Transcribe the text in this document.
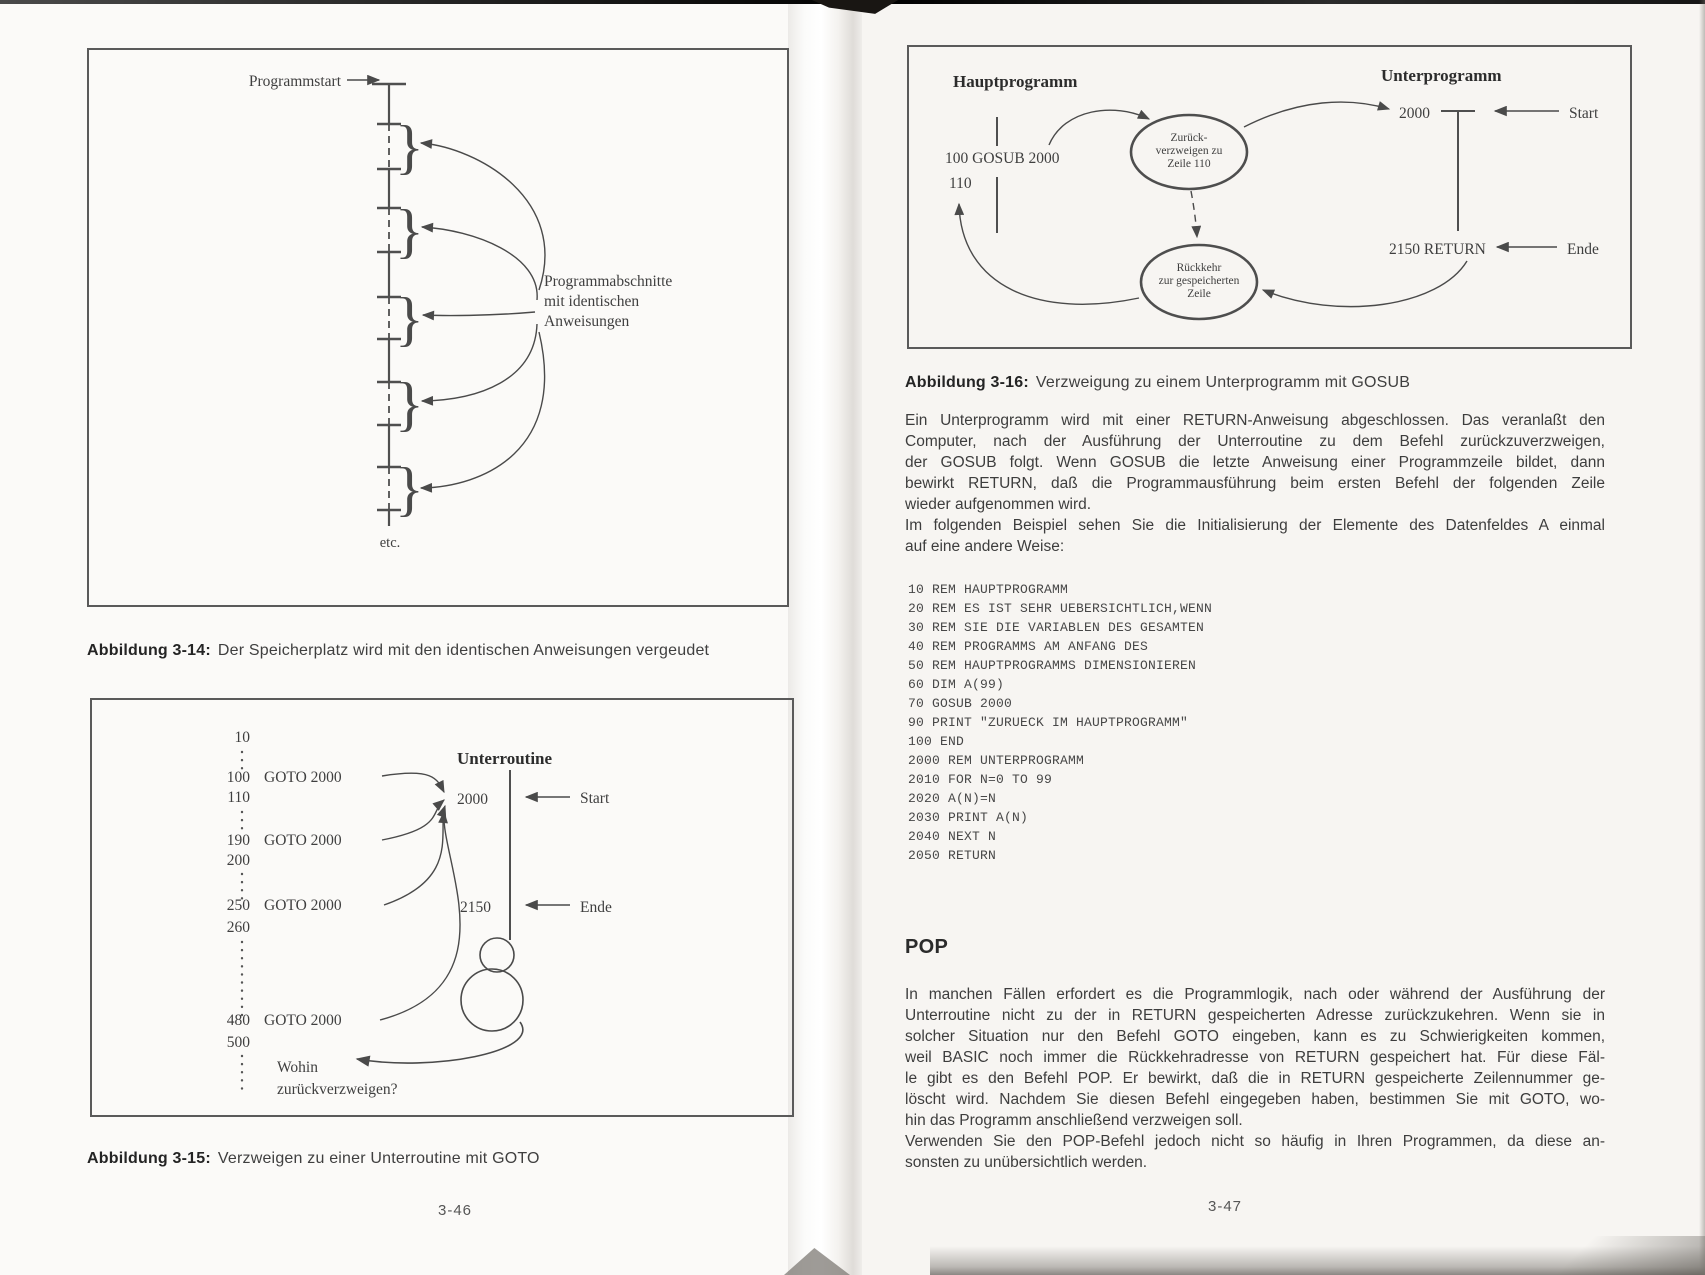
Programmstart
}
}
}
}
}
Programmabschnitte
mit identischen
Anweisungen
etc.
Abbildung 3-14: Der Speicherplatz wird mit den identischen Anweisungen vergeudet
10
100
110
190
200
250
260
480
500
GOTO 2000
GOTO 2000
GOTO 2000
GOTO 2000
Unterroutine
2000	Start
2150	Ende
Wohin
zurückverzweigen?
Abbildung 3-15: Verzweigen zu einer Unterroutine mit GOTO
3-46
Hauptprogramm	Unterprogramm
100 GOSUB 2000
110
Zurück-
verzweigen zu
Zeile 110
Rückkehr
zur gespeicherten
Zeile
2000	Start
2150 RETURN	Ende
Abbildung 3-16: Verzweigung zu einem Unterprogramm mit GOSUB
Ein Unterprogramm wird mit einer RETURN-Anweisung abgeschlossen. Das veranlaßt den
Computer, nach der Ausführung der Unterroutine zu dem Befehl zurückzuverzweigen,
der GOSUB folgt. Wenn GOSUB die letzte Anweisung einer Programmzeile bildet, dann
bewirkt RETURN, daß die Programmausführung beim ersten Befehl der folgenden Zeile
wieder aufgenommen wird.
Im folgenden Beispiel sehen Sie die Initialisierung der Elemente des Datenfeldes A einmal
auf eine andere Weise:
10 REM HAUPTPROGRAMM
20 REM ES IST SEHR UEBERSICHTLICH,WENN
30 REM SIE DIE VARIABLEN DES GESAMTEN
40 REM PROGRAMMS AM ANFANG DES
50 REM HAUPTPROGRAMMS DIMENSIONIEREN
60 DIM A(99)
70 GOSUB 2000
90 PRINT "ZURUECK IM HAUPTPROGRAMM"
100 END
2000 REM UNTERPROGRAMM
2010 FOR N=0 TO 99
2020 A(N)=N
2030 PRINT A(N)
2040 NEXT N
2050 RETURN
POP
In manchen Fällen erfordert es die Programmlogik, nach oder während der Ausführung der
Unterroutine nicht zu der in RETURN gespeicherten Adresse zurückzukehren. Wenn sie in
solcher Situation nur den Befehl GOTO eingeben, kann es zu Schwierigkeiten kommen,
weil BASIC noch immer die Rückkehradresse von RETURN gespeichert hat. Für diese Fäl-
le gibt es den Befehl POP. Er bewirkt, daß die in RETURN gespeicherte Zeilennummer ge-
löscht wird. Nachdem Sie diesen Befehl eingegeben haben, bestimmen Sie mit GOTO, wo-
hin das Programm anschließend verzweigen soll.
Verwenden Sie den POP-Befehl jedoch nicht so häufig in Ihren Programmen, da diese an-
sonsten zu unübersichtlich werden.
3-47
